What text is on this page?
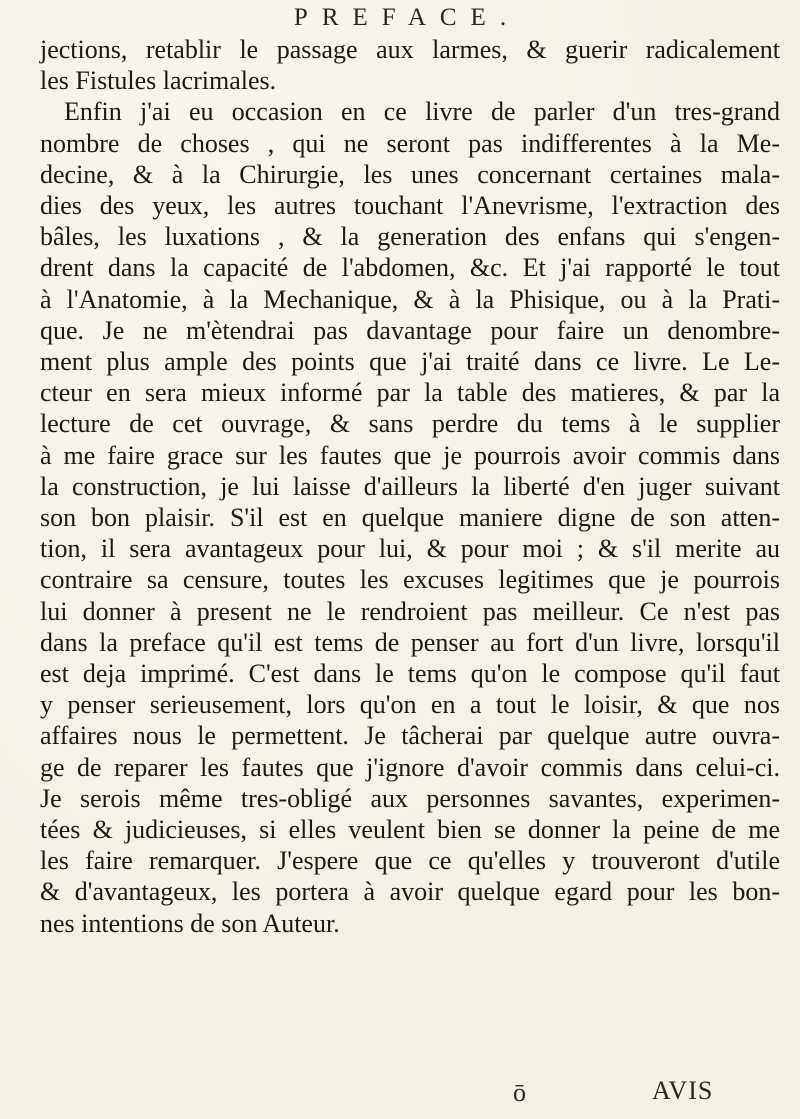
PREFACE.
jections, retablir le passage aux larmes, & guerir radicalement
les Fistules lacrimales.
Enfin j'ai eu occasion en ce livre de parler d'un tres-grand
nombre de choses , qui ne seront pas indifferentes à la Me-
decine, & à la Chirurgie, les unes concernant certaines mala-
dies des yeux, les autres touchant l'Anevrisme, l'extraction des
bâles, les luxations , & la generation des enfans qui s'engen-
drent dans la capacité de l'abdomen, &c. Et j'ai rapporté le tout
à l'Anatomie, à la Mechanique, & à la Phisique, ou à la Prati-
que. Je ne m'ètendrai pas davantage pour faire un denombre-
ment plus ample des points que j'ai traité dans ce livre. Le Le-
cteur en sera mieux informé par la table des matieres, & par la
lecture de cet ouvrage, & sans perdre du tems à le supplier
à me faire grace sur les fautes que je pourrois avoir commis dans
la construction, je lui laisse d'ailleurs la liberté d'en juger suivant
son bon plaisir. S'il est en quelque maniere digne de son atten-
tion, il sera avantageux pour lui, & pour moi ; & s'il merite au
contraire sa censure, toutes les excuses legitimes que je pourrois
lui donner à present ne le rendroient pas meilleur. Ce n'est pas
dans la preface qu'il est tems de penser au fort d'un livre, lorsqu'il
est deja imprimé. C'est dans le tems qu'on le compose qu'il faut
y penser serieusement, lors qu'on en a tout le loisir, & que nos
affaires nous le permettent. Je tâcherai par quelque autre ouvra-
ge de reparer les fautes que j'ignore d'avoir commis dans celui-ci.
Je serois même tres-obligé aux personnes savantes, experimen-
tées & judicieuses, si elles veulent bien se donner la peine de me
les faire remarquer. J'espere que ce qu'elles y trouveront d'utile
& d'avantageux, les portera à avoir quelque egard pour les bon-
nes intentions de son Auteur.
ō	AVIS
